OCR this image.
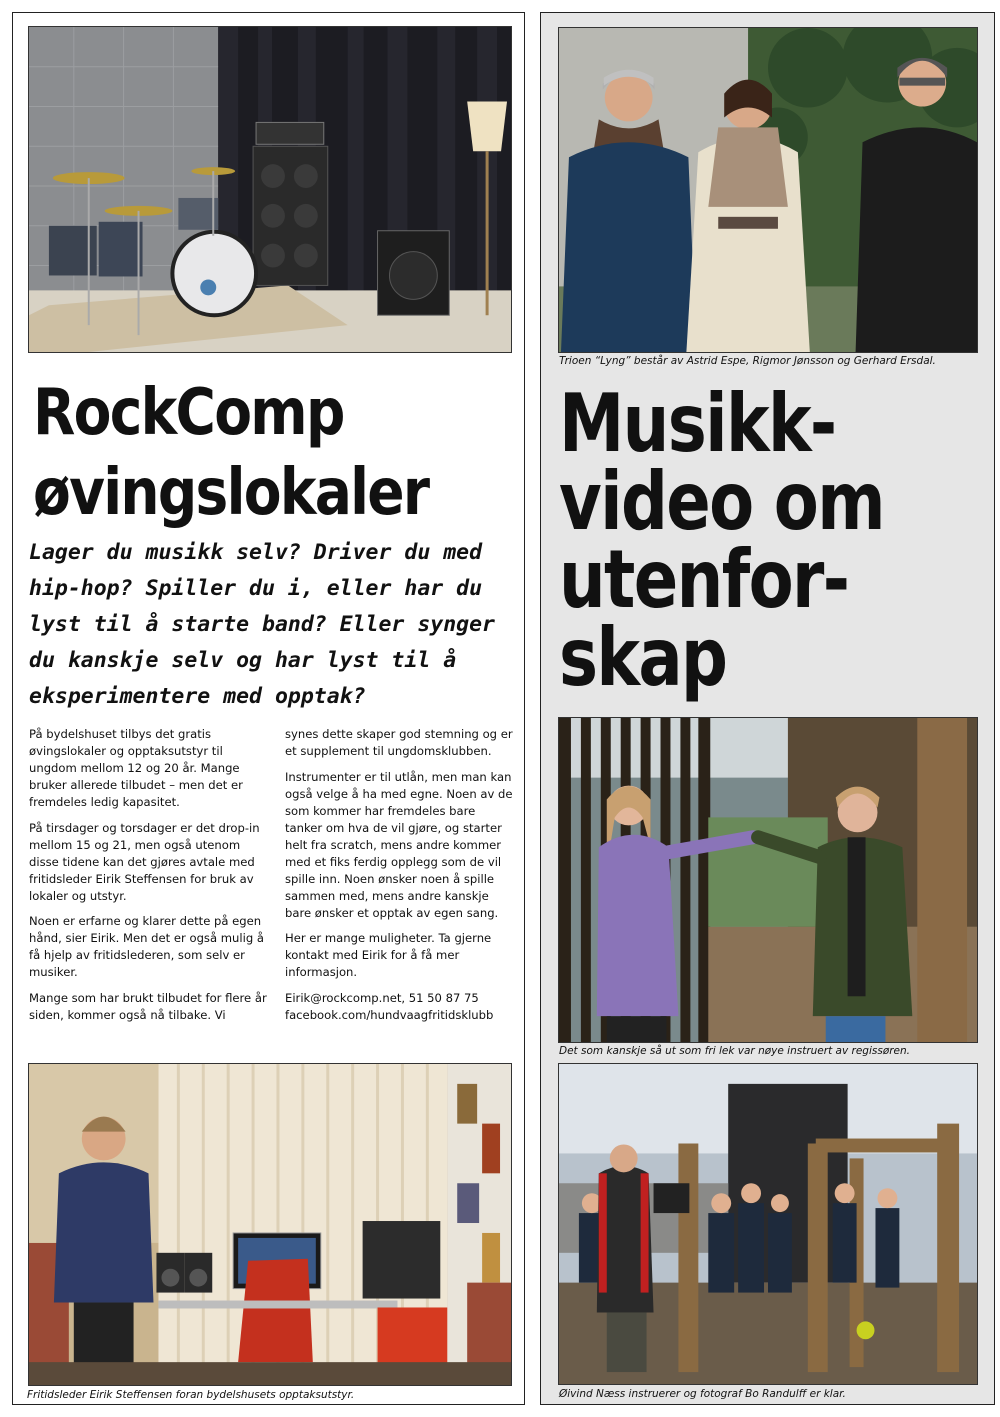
RockComp
øvingslokaler

Lager du musikk selv? Driver du med hip-hop? Spiller du i, eller har du lyst til å starte band? Eller synger du kanskje selv og har lyst til å eksperimentere med opptak?

På bydelshuset tilbys det gratis øvingslokaler og opptaksutstyr til ungdom mellom 12 og 20 år. Mange bruker allerede tilbudet – men det er fremdeles ledig kapasitet.

På tirsdager og torsdager er det drop-in mellom 15 og 21, men også utenom disse tidene kan det gjøres avtale med fritidsleder Eirik Steffensen for bruk av lokaler og utstyr.

Noen er erfarne og klarer dette på egen hånd, sier Eirik. Men det er også mulig å få hjelp av fritidslederen, som selv er musiker.

Mange som har brukt tilbudet for flere år siden, kommer også nå tilbake. Vi

synes dette skaper god stemning og er et supplement til ungdomsklubben.

Instrumenter er til utlån, men man kan også velge å ha med egne. Noen av de som kommer har fremdeles bare tanker om hva de vil gjøre, og starter helt fra scratch, mens andre kommer med et fiks ferdig opplegg som de vil spille inn. Noen ønsker noen å spille sammen med, mens andre kanskje bare ønsker et opptak av egen sang.

Her er mange muligheter. Ta gjerne kontakt med Eirik for å få mer informasjon.

Eirik@rockcomp.net, 51 50 87 75
facebook.com/hundvaagfritidsklubb

Fritidsleder Eirik Steffensen foran bydelshusets opptaksutstyr.
Trioen “Lyng” består av Astrid Espe, Rigmor Jønsson og Gerhard Ersdal.
Musikk-
video om
utenfor-
skap
Det som kanskje så ut som fri lek var nøye instruert av regissøren.
Øivind Næss instruerer og fotograf Bo Randulff er klar.
